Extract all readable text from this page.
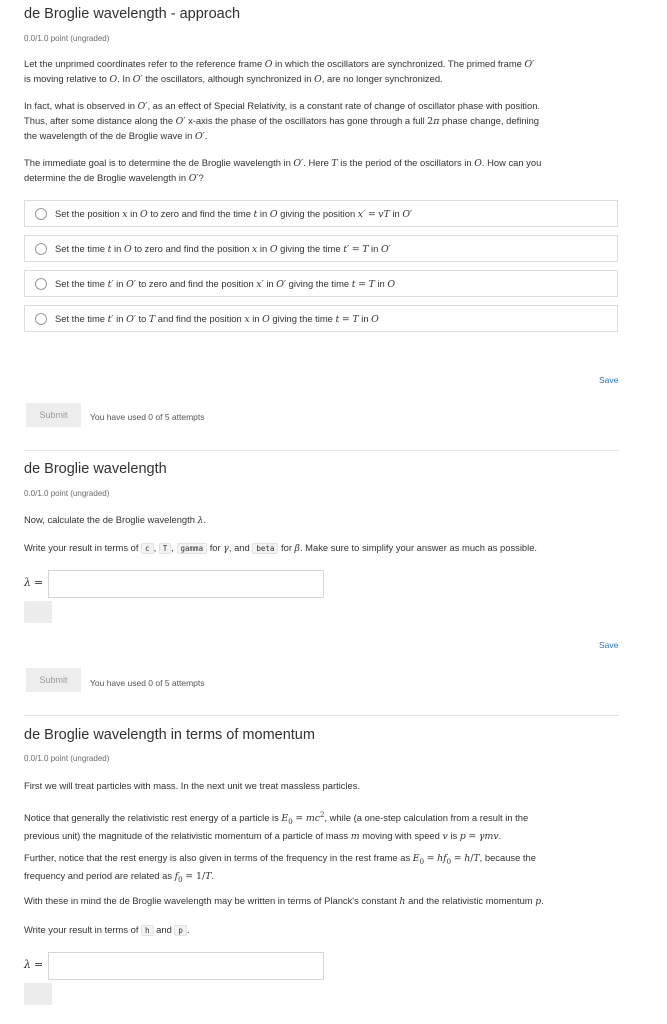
de Broglie wavelength - approach
0.0/1.0 point (ungraded)
Let the unprimed coordinates refer to the reference frame O in which the oscillators are synchronized. The primed frame O′
is moving relative to O. In O′ the oscillators, although synchronized in O, are no longer synchronized.
In fact, what is observed in O′, as an effect of Special Relativity, is a constant rate of change of oscillator phase with position.
Thus, after some distance along the O′ x-axis the phase of the oscillators has gone through a full 2π phase change, defining
the wavelength of the de Broglie wave in O′.
The immediate goal is to determine the de Broglie wavelength in O′. Here T is the period of the oscillators in O. How can you
determine the de Broglie wavelength in O′?
Set the position x in O to zero and find the time t in O giving the position x′ = vT in O′
Set the time t in O to zero and find the position x in O giving the time t′ = T in O′
Set the time t′ in O′ to zero and find the position x′ in O′ giving the time t = T in O
Set the time t′ in O′ to T and find the position x in O giving the time t = T in O
Save
Submit	You have used 0 of 5 attempts
de Broglie wavelength
0.0/1.0 point (ungraded)
Now, calculate the de Broglie wavelength λ.
Write your result in terms of c , T , gamma for γ, and beta for β. Make sure to simplify your answer as much as possible.
λ =
Save
Submit	You have used 0 of 5 attempts
de Broglie wavelength in terms of momentum
0.0/1.0 point (ungraded)
First we will treat particles with mass. In the next unit we treat massless particles.
Notice that generally the relativistic rest energy of a particle is $E_0 = mc^2$, while (a one-step calculation from a result in the
previous unit) the magnitude of the relativistic momentum of a particle of mass m moving with speed v is p = γmv.
Further, notice that the rest energy is also given in terms of the frequency in the rest frame as $E_0 = hf_0 = h/T$, because the
frequency and period are related as $f_0 = 1/T$.
With these in mind the de Broglie wavelength may be written in terms of Planck's constant h and the relativistic momentum p.
Write your result in terms of h and p .
λ =
